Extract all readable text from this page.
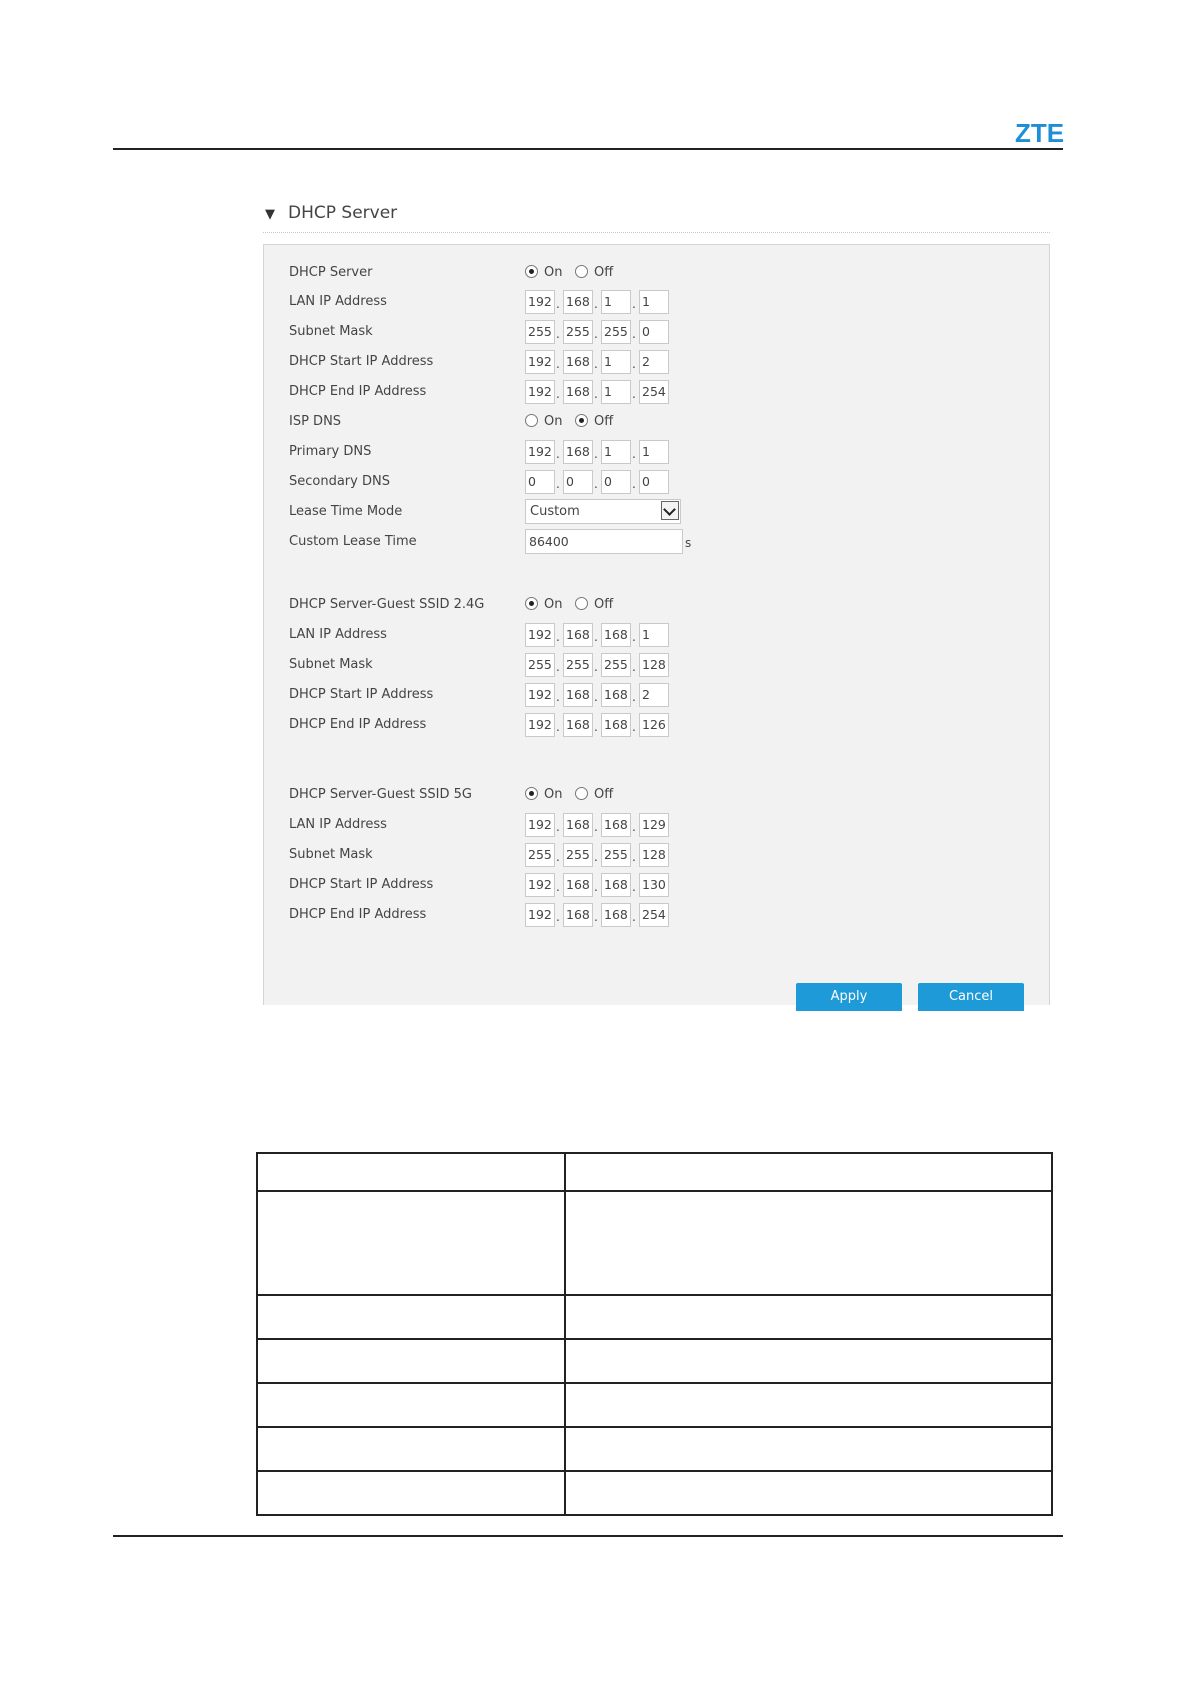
ZTE
▼ DHCP Server
DHCP Server	On Off
LAN IP Address	192 . 168 . 1	. 1
Subnet Mask	255 . 255 . 255 . 0
DHCP Start IP Address	192 . 168 . 1	. 2
DHCP End IP Address	192 . 168 . 1	. 254
ISP DNS	On Off
Primary DNS	192 . 168 . 1	. 1
Secondary DNS	0	. 0	. 0	. 0
Lease Time Mode	Custom
Custom Lease Time	86400	s
DHCP Server-Guest SSID 2.4G	On Off
LAN IP Address	192 . 168 . 168 . 1
Subnet Mask	255 . 255 . 255 . 128
DHCP Start IP Address	192 . 168 . 168 . 2
DHCP End IP Address	192 . 168 . 168 . 126
DHCP Server-Guest SSID 5G	On Off
LAN IP Address	192 . 168 . 168 . 129
Subnet Mask	255 . 255 . 255 . 128
DHCP Start IP Address	192 . 168 . 168 . 130
DHCP End IP Address	192 . 168 . 168 . 254
Apply	Cancel
